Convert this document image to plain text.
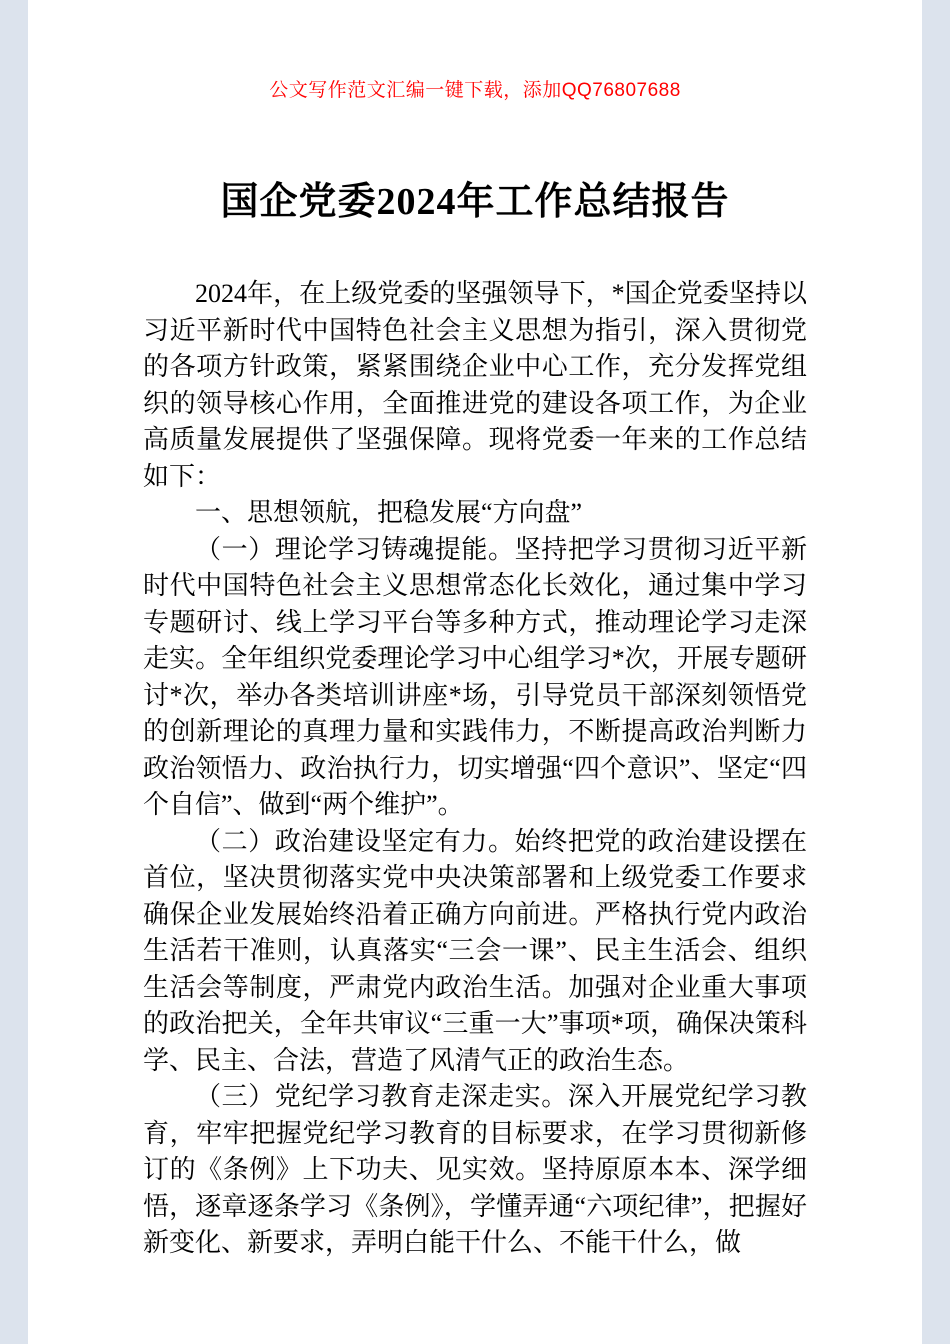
公文写作范文汇编一键下载，添加QQ76807688
国企党委2024年工作总结报告

2024年，在上级党委的坚强领导下，*国企党委坚持以习近平新时代中国特色社会主义思想为指引，深入贯彻党的各项方针政策，紧紧围绕企业中心工作，充分发挥党组织的领导核心作用，全面推进党的建设各项工作，为企业高质量发展提供了坚强保障。现将党委一年来的工作总结如下：

一、思想领航，把稳发展“方向盘”

（一）理论学习铸魂提能。坚持把学习贯彻习近平新时代中国特色社会主义思想常态化长效化，通过集中学习专题研讨、线上学习平台等多种方式，推动理论学习走深走实。全年组织党委理论学习中心组学习*次，开展专题研讨*次，举办各类培训讲座*场，引导党员干部深刻领悟党的创新理论的真理力量和实践伟力，不断提高政治判断力政治领悟力、政治执行力，切实增强“四个意识”、坚定“四个自信”、做到“两个维护”。

（二）政治建设坚定有力。始终把党的政治建设摆在首位，坚决贯彻落实党中央决策部署和上级党委工作要求确保企业发展始终沿着正确方向前进。严格执行党内政治生活若干准则，认真落实“三会一课”、民主生活会、组织生活会等制度，严肃党内政治生活。加强对企业重大事项的政治把关，全年共审议“三重一大”事项*项，确保决策科学、民主、合法，营造了风清气正的政治生态。

（三）党纪学习教育走深走实。深入开展党纪学习教育，牢牢把握党纪学习教育的目标要求，在学习贯彻新修订的《条例》上下功夫、见实效。坚持原原本本、深学细悟，逐章逐条学习《条例》，学懂弄通“六项纪律”，把握好新变化、新要求，弄明白能干什么、不能干什么，做
